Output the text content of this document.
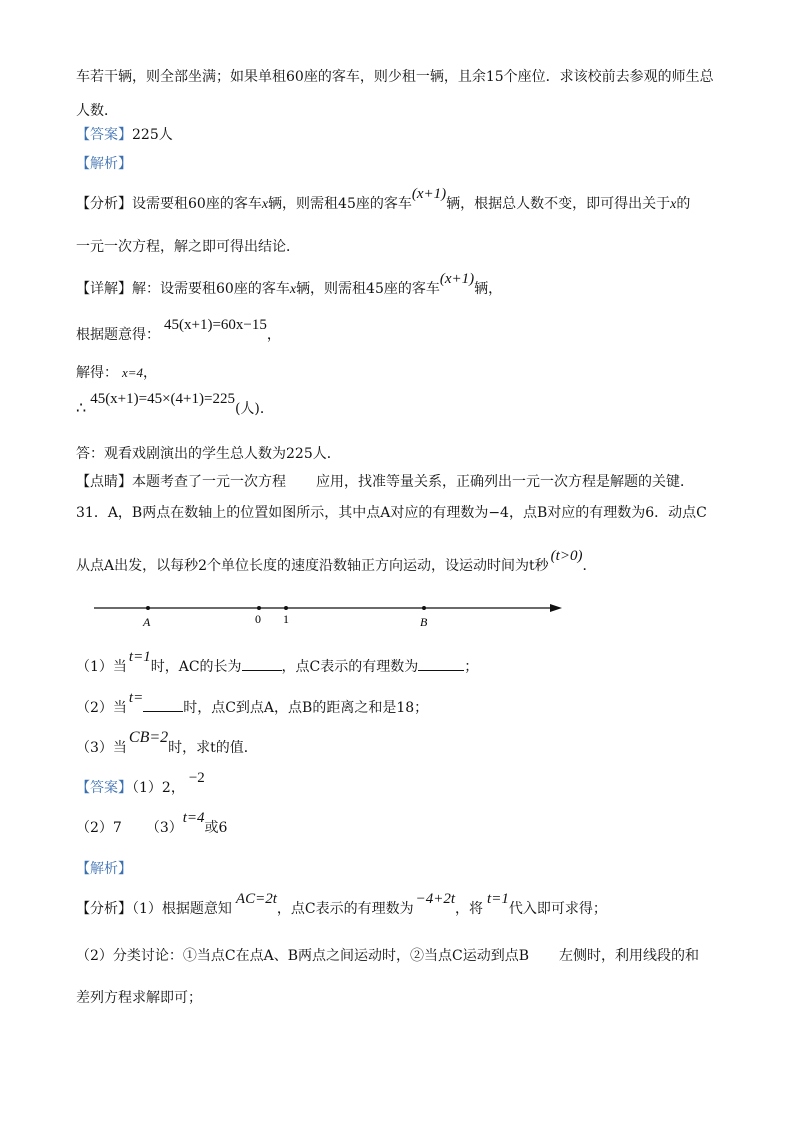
车若干辆，则全部坐满；如果单租60座的客车，则少租一辆，且余15个座位．求该校前去参观的师生总
人数．
【答案】225人
【解析】
【分析】设需要租60座的客车x辆，则需租45座的客车(x+1)辆，根据总人数不变，即可得出关于x的
一元一次方程，解之即可得出结论．
【详解】解：设需要租60座的客车x辆，则需租45座的客车(x+1)辆，
根据题意得：45(x+1)=60x−15，
解得： x=4，
∴ 45(x+1)=45×(4+1)=225(人)．
答：观看戏剧演出的学生总人数为225人．
【点睛】本题考查了一元一次方程 应用，找准等量关系，正确列出一元一次方程是解题的关键．
31．A，B两点在数轴上的位置如图所示，其中点A对应的有理数为−4，点B对应的有理数为6．动点C
从点A出发，以每秒2个单位长度的速度沿数轴正方向运动，设运动时间为t秒(t>0)．
A	0 1	B
（1）当t=1时，AC的长为	，点C表示的有理数为	；
（2）当t=时，点C到点A，点B的距离之和是18；
（3）当CB=2时，求t的值．
【答案】（1）2，−2
（2）7 （3）t=4或6
【解析】
【分析】（1）根据题意知AC=2t，点C表示的有理数为−4+2t，将t=1代入即可求得；
（2）分类讨论：①当点C在点A、B两点之间运动时，②当点C运动到点B 左侧时，利用线段的和
差列方程求解即可；
